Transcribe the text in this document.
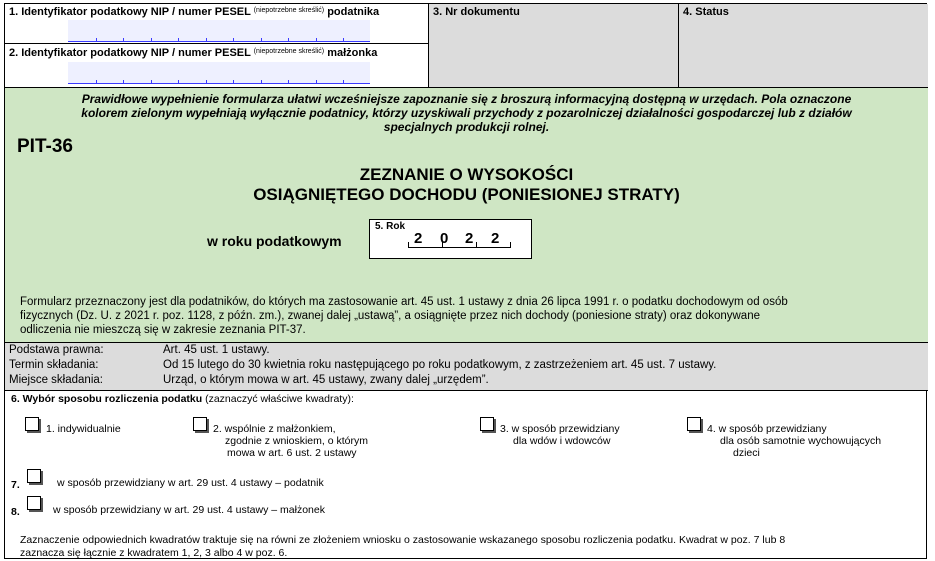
1. Identyfikator podatkowy NIP / numer PESEL $^{(niepotrzebne skreślić)}$ podatnika
2. Identyfikator podatkowy NIP / numer PESEL $^{(niepotrzebne skreślić)}$ małżonka
3. Nr dokumentu	4. Status
Prawidłowe wypełnienie formularza ułatwi wcześniejsze zapoznanie się z broszurą informacyjną dostępną w urzędach. Pola oznaczone
kolorem zielonym wypełniają wyłącznie podatnicy, którzy uzyskiwali przychody z pozarolniczej działalności gospodarczej lub z działów
specjalnych produkcji rolnej.
PIT-36
ZEZNANIE O WYSOKOŚCI
OSIĄGNIĘTEGO DOCHODU (PONIESIONEJ STRATY)
w roku podatkowym
5. Rok
2 0 2 2
Formularz przeznaczony jest dla podatników, do których ma zastosowanie art. 45 ust. 1 ustawy z dnia 26 lipca 1991 r. o podatku dochodowym od osób
fizycznych (Dz. U. z 2021 r. poz. 1128, z późn. zm.), zwanej dalej „ustawą”, a osiągnięte przez nich dochody (poniesione straty) oraz dokonywane
odliczenia nie mieszczą się w zakresie zeznania PIT-37.
Podstawa prawna:	Art. 45 ust. 1 ustawy.
Termin składania:	Od 15 lutego do 30 kwietnia roku następującego po roku podatkowym, z zastrzeżeniem art. 45 ust. 7 ustawy.
Miejsce składania:	Urząd, o którym mowa w art. 45 ustawy, zwany dalej „urzędem”.
6. Wybór sposobu rozliczenia podatku (zaznaczyć właściwe kwadraty):
1. indywidualnie	2. wspólnie z małżonkiem,
zgodnie z wnioskiem, o którym
mowa w art. 6 ust. 2 ustawy
3. w sposób przewidziany
dla wdów i wdowców
4. w sposób przewidziany
dla osób samotnie wychowujących
dzieci
7.	w sposób przewidziany w art. 29 ust. 4 ustawy – podatnik
8.	w sposób przewidziany w art. 29 ust. 4 ustawy – małżonek
Zaznaczenie odpowiednich kwadratów traktuje się na równi ze złożeniem wniosku o zastosowanie wskazanego sposobu rozliczenia podatku. Kwadrat w poz. 7 lub 8
zaznacza się łącznie z kwadratem 1, 2, 3 albo 4 w poz. 6.
